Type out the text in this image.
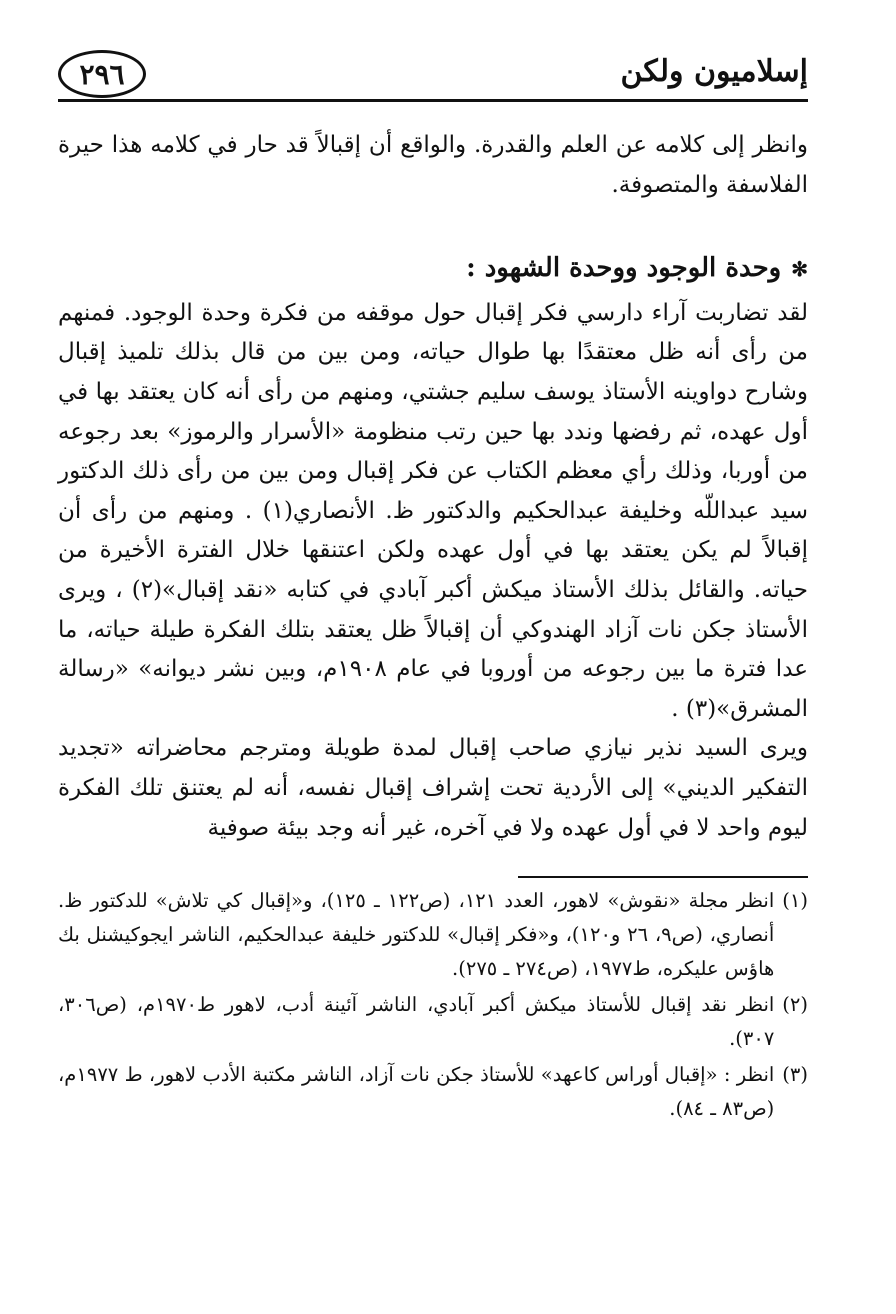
إسلاميون ولكن
٢٩٦

وانظر إلى كلامه عن العلم والقدرة. والواقع أن إقبالاً قد حار في كلامه هذا حيرة الفلاسفة والمتصوفة.

✻
وحدة الوجود ووحدة الشهود :

لقد تضاربت آراء دارسي فكر إقبال حول موقفه من فكرة وحدة الوجود. فمنهم من رأى أنه ظل معتقدًا بها طوال حياته، ومن بين من قال بذلك تلميذ إقبال وشارح دواوينه الأستاذ يوسف سليم جشتي، ومنهم من رأى أنه كان يعتقد بها في أول عهده، ثم رفضها وندد بها حين رتب منظومة «الأسرار والرموز» بعد رجوعه من أوربا، وذلك رأي معظم الكتاب عن فكر إقبال ومن بين من رأى ذلك الدكتور سيد عبداللّه وخليفة عبدالحكيم والدكتور ظ. الأنصاري(١) . ومنهم من رأى أن إقبالاً لم يكن يعتقد بها في أول عهده ولكن اعتنقها خلال الفترة الأخيرة من حياته. والقائل بذلك الأستاذ ميكش أكبر آبادي في كتابه «نقد إقبال»(٢) ، ويرى الأستاذ جكن نات آزاد الهندوكي أن إقبالاً ظل يعتقد بتلك الفكرة طيلة حياته، ما عدا فترة ما بين رجوعه من أوروبا في عام ١٩٠٨م، وبين نشر ديوانه» «رسالة المشرق»(٣) .

ويرى السيد نذير نيازي صاحب إقبال لمدة طويلة ومترجم محاضراته «تجديد التفكير الديني» إلى الأردية تحت إشراف إقبال نفسه، أنه لم يعتنق تلك الفكرة ليوم واحد لا في أول عهده ولا في آخره، غير أنه وجد بيئة صوفية

(١)
انظر مجلة «نقوش» لاهور، العدد ١٢١، (ص١٢٢ ـ ١٢٥)، و«إقبال كي تلاش» للدكتور ظ. أنصاري، (ص٩، ٢٦ و١٢٠)، و«فكر إقبال» للدكتور خليفة عبدالحكيم، الناشر ايجوكيشنل بك هاؤس عليكره، ط١٩٧٧، (ص٢٧٤ ـ ٢٧٥).
(٢)
انظر نقد إقبال للأستاذ ميكش أكبر آبادي، الناشر آئينة أدب، لاهور ط١٩٧٠م، (ص٣٠٦، ٣٠٧).
(٣)
انظر : «إقبال أوراس كاعهد» للأستاذ جكن نات آزاد، الناشر مكتبة الأدب لاهور، ط ١٩٧٧م، (ص٨٣ ـ ٨٤).
